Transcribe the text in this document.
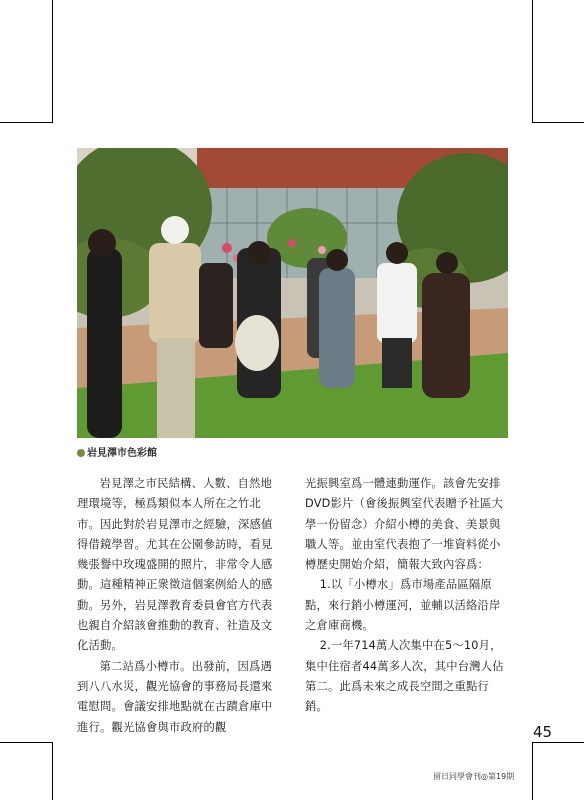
岩見澤市色彩館

岩見澤之市民結構、人數、自然地理環境等，極爲類似本人所在之竹北市。因此對於岩見澤市之經驗，深感値得借鏡學習。尤其在公園參訪時，看見幾張譽中玫瑰盛開的照片，非常令人感動。這種精神正衆徵這個案例給人的感動。另外，岩見澤教育委員會官方代表也親自介紹該會推動的教育、社造及文化活動。

第二站爲小樽市。出發前，因爲遇到八八水災，觀光協會的事務局長還來電慰問。會議安排地點就在古蹟倉庫中進行。觀光協會與市政府的觀

光振興室爲一體連動運作。該會先安排DVD影片（會後振興室代表贈予社區大學一份留念）介紹小樽的美食、美景與職人等。並由室代表抱了一堆資料從小樽歷史開始介紹，簡報大致內容爲：

1.以「小樽水」爲市場產品區隔原點，來行銷小樽運河，並輔以活絡沿岸之倉庫商機。

2.一年714萬人次集中在5～10月，集中住宿者44萬多人次，其中台灣人佔第二。此爲未來之成長空間之重點行銷。

45
留日同學會刊◎第19期
